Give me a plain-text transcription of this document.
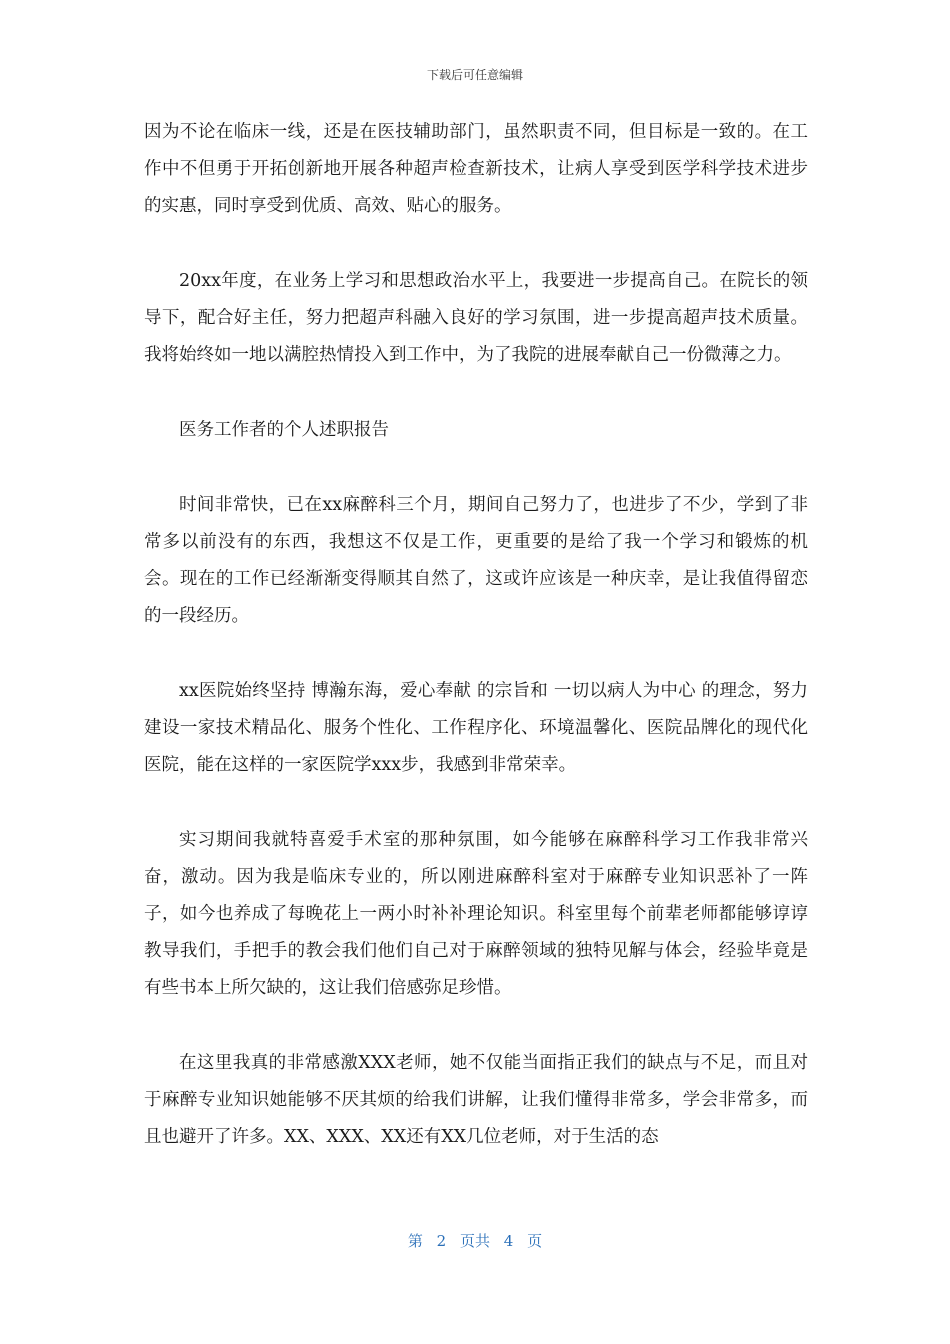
下载后可任意编辑

因为不论在临床一线，还是在医技辅助部门，虽然职责不同，但目标是一致的。在工作中不但勇于开拓创新地开展各种超声检查新技术，让病人享受到医学科学技术进步的实惠，同时享受到优质、高效、贴心的服务。

20xx年度，在业务上学习和思想政治水平上，我要进一步提高自己。在院长的领导下，配合好主任，努力把超声科融入良好的学习氛围，进一步提高超声技术质量。我将始终如一地以满腔热情投入到工作中，为了我院的进展奉献自己一份微薄之力。

医务工作者的个人述职报告

时间非常快，已在xx麻醉科三个月，期间自己努力了，也进步了不少，学到了非常多以前没有的东西，我想这不仅是工作，更重要的是给了我一个学习和锻炼的机会。现在的工作已经渐渐变得顺其自然了，这或许应该是一种庆幸，是让我值得留恋的一段经历。

xx医院始终坚持 博瀚东海，爱心奉献 的宗旨和 一切以病人为中心 的理念，努力建设一家技术精品化、服务个性化、工作程序化、环境温馨化、医院品牌化的现代化医院，能在这样的一家医院学xxx步，我感到非常荣幸。

实习期间我就特喜爱手术室的那种氛围，如今能够在麻醉科学习工作我非常兴奋，激动。因为我是临床专业的，所以刚进麻醉科室对于麻醉专业知识恶补了一阵子，如今也养成了每晚花上一两小时补补理论知识。科室里每个前辈老师都能够谆谆教导我们，手把手的教会我们他们自己对于麻醉领域的独特见解与体会，经验毕竟是有些书本上所欠缺的，这让我们倍感弥足珍惜。

在这里我真的非常感激XXX老师，她不仅能当面指正我们的缺点与不足，而且对于麻醉专业知识她能够不厌其烦的给我们讲解，让我们懂得非常多，学会非常多，而且也避开了许多。XX、XXX、XX还有XX几位老师，对于生活的态

第 2 页共 4 页
